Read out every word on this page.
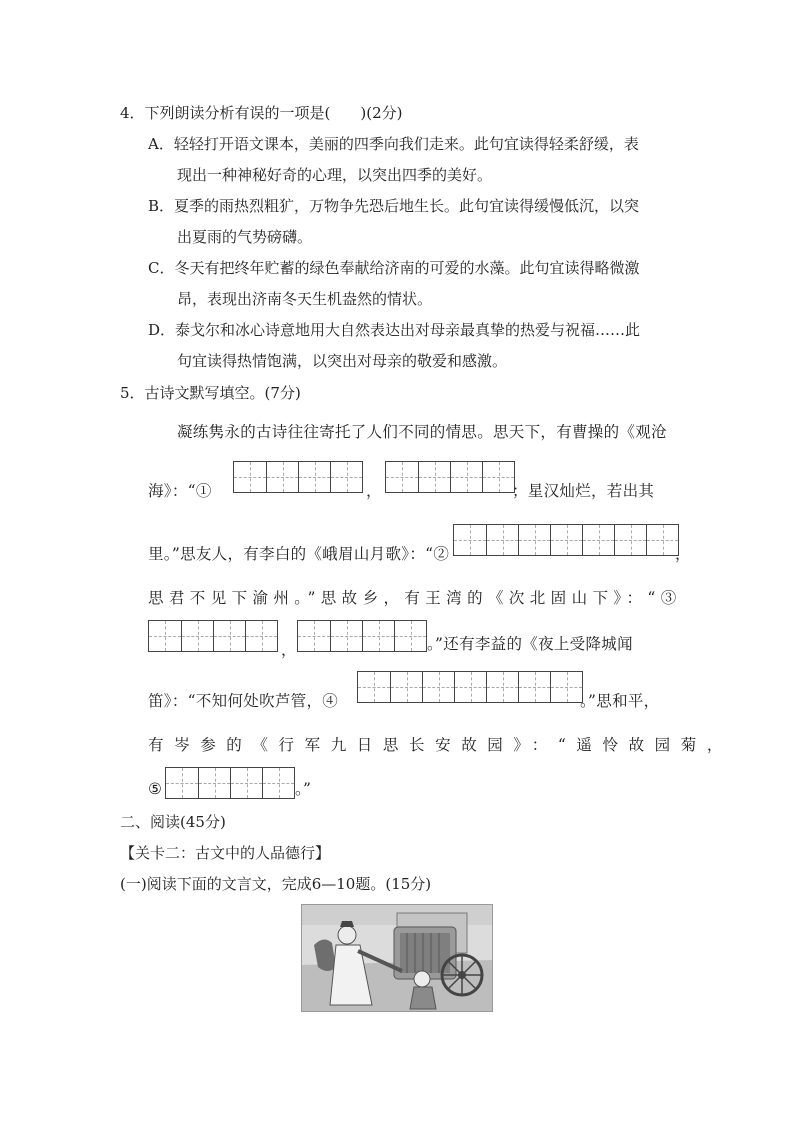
4．下列朗读分析有误的一项是(　　)(2分)
A．轻轻打开语文课本，美丽的四季向我们走来。此句宜读得轻柔舒缓，表
现出一种神秘好奇的心理，以突出四季的美好。
B．夏季的雨热烈粗犷，万物争先恐后地生长。此句宜读得缓慢低沉，以突
出夏雨的气势磅礴。
C．冬天有把终年贮蓄的绿色奉献给济南的可爱的水藻。此句宜读得略微激
昂，表现出济南冬天生机盎然的情状。
D．泰戈尔和冰心诗意地用大自然表达出对母亲最真挚的热爱与祝福……此
句宜读得热情饱满，以突出对母亲的敬爱和感激。
5．古诗文默写填空。(7分)
凝练隽永的古诗往往寄托了人们不同的情思。思天下，有曹操的《观沧
海》：“①	，	；星汉灿烂，若出其
里。”思友人，有李白的《峨眉山月歌》：“②	，
思君不见下渝州。”思故乡，有王湾的《次北固山下》：“③
，	。”还有李益的《夜上受降城闻
笛》：“不知何处吹芦管，④	。”思和平，
有岑参的《行军九日思长安故园》：“遥怜故园菊，
⑤	。”
二、阅读(45分)
【关卡二：古文中的人品德行】
(一)阅读下面的文言文，完成6—10题。(15分)
